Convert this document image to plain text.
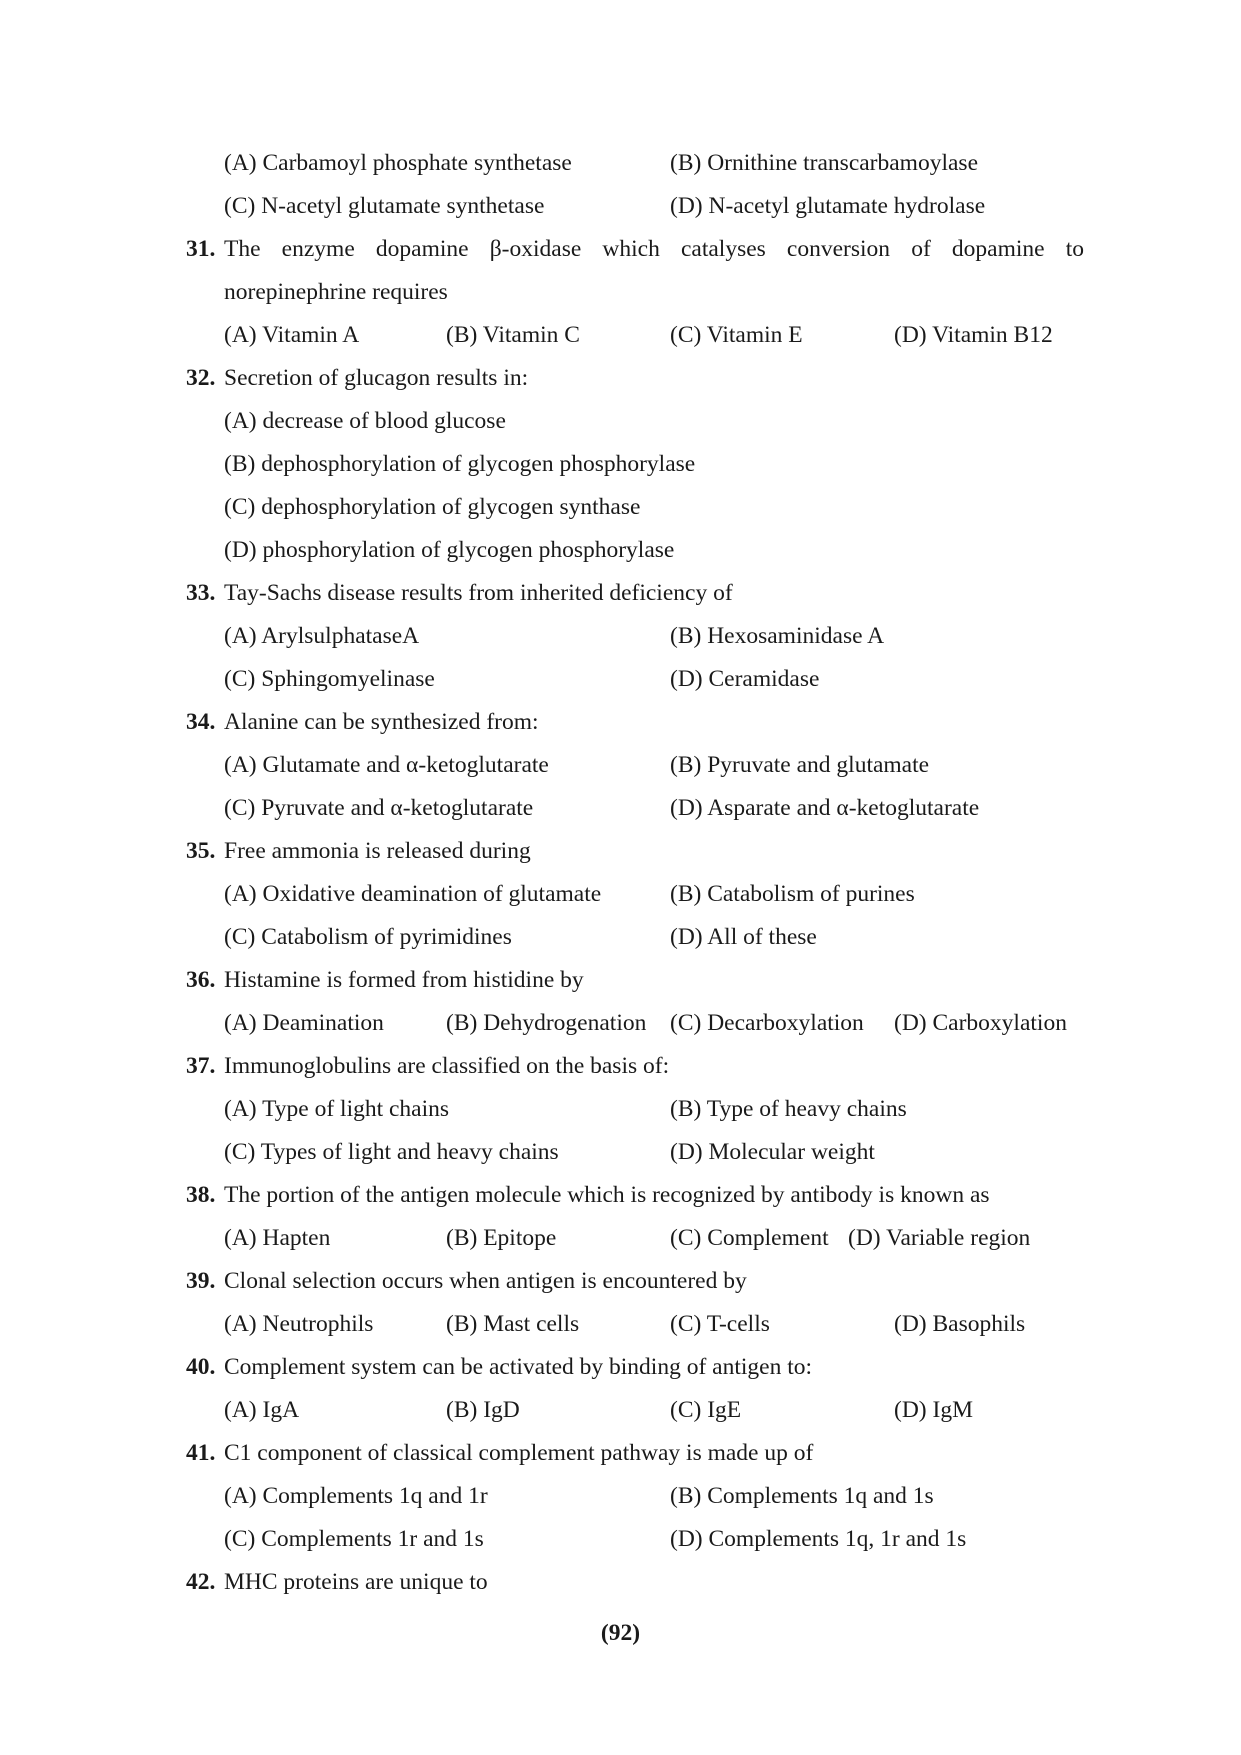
(A) Carbamoyl phosphate synthetase	(B) Ornithine transcarbamoylase
(C) N-acetyl glutamate synthetase	(D) N-acetyl glutamate hydrolase
31. The enzyme dopamine β-oxidase which catalyses conversion of dopamine to
norepinephrine requires
(A) Vitamin A	(B) Vitamin C	(C) Vitamin E	(D) Vitamin B12
32. Secretion of glucagon results in:
(A) decrease of blood glucose
(B) dephosphorylation of glycogen phosphorylase
(C) dephosphorylation of glycogen synthase
(D) phosphorylation of glycogen phosphorylase
33. Tay-Sachs disease results from inherited deficiency of
(A) ArylsulphataseA	(B) Hexosaminidase A
(C) Sphingomyelinase	(D) Ceramidase
34. Alanine can be synthesized from:
(A) Glutamate and α-ketoglutarate	(B) Pyruvate and glutamate
(C) Pyruvate and α-ketoglutarate	(D) Asparate and α-ketoglutarate
35. Free ammonia is released during
(A) Oxidative deamination of glutamate	(B) Catabolism of purines
(C) Catabolism of pyrimidines	(D) All of these
36. Histamine is formed from histidine by
(A) Deamination	(B) Dehydrogenation (C) Decarboxylation (D) Carboxylation
37. Immunoglobulins are classified on the basis of:
(A) Type of light chains	(B) Type of heavy chains
(C) Types of light and heavy chains	(D) Molecular weight
38. The portion of the antigen molecule which is recognized by antibody is known as
(A) Hapten	(B) Epitope	(C) Complement (D) Variable region
39. Clonal selection occurs when antigen is encountered by
(A) Neutrophils	(B) Mast cells	(C) T-cells	(D) Basophils
40. Complement system can be activated by binding of antigen to:
(A) IgA	(B) IgD	(C) IgE	(D) IgM
41. C1 component of classical complement pathway is made up of
(A) Complements 1q and 1r	(B) Complements 1q and 1s
(C) Complements 1r and 1s	(D) Complements 1q, 1r and 1s
42. MHC proteins are unique to
(92)
